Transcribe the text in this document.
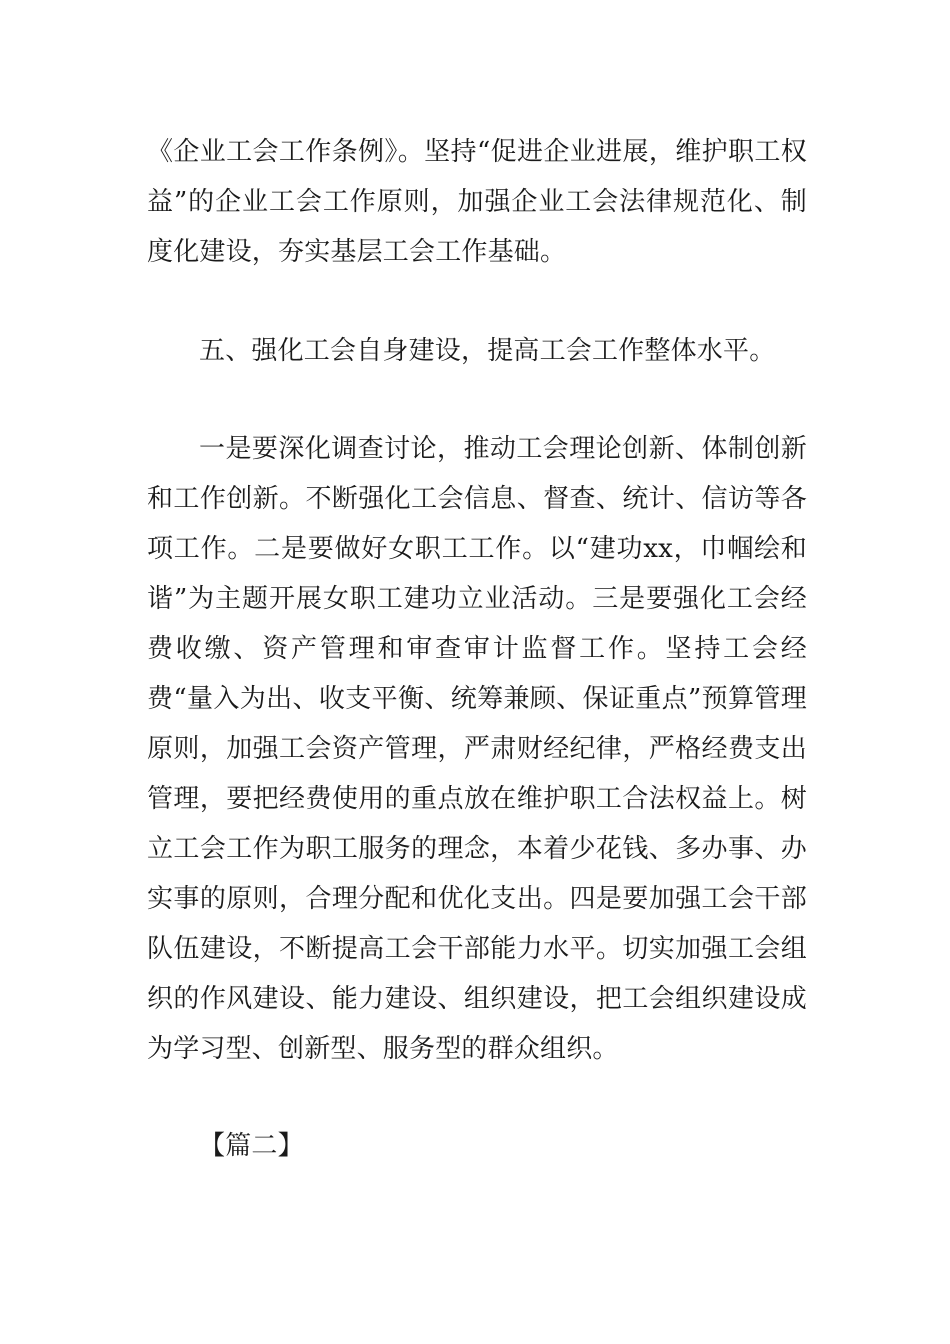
《企业工会工作条例》。坚持“促进企业进展，维护职工权益”的企业工会工作原则，加强企业工会法律规范化、制度化建设，夯实基层工会工作基础。

五、强化工会自身建设，提高工会工作整体水平。

一是要深化调查讨论，推动工会理论创新、体制创新和工作创新。不断强化工会信息、督查、统计、信访等各项工作。二是要做好女职工工作。以“建功xx，巾帼绘和谐”为主题开展女职工建功立业活动。三是要强化工会经费收缴、资产管理和审查审计监督工作。坚持工会经费“量入为出、收支平衡、统筹兼顾、保证重点”预算管理原则，加强工会资产管理，严肃财经纪律，严格经费支出管理，要把经费使用的重点放在维护职工合法权益上。树立工会工作为职工服务的理念，本着少花钱、多办事、办实事的原则，合理分配和优化支出。四是要加强工会干部队伍建设，不断提高工会干部能力水平。切实加强工会组织的作风建设、能力建设、组织建设，把工会组织建设成为学习型、创新型、服务型的群众组织。

【篇二】
